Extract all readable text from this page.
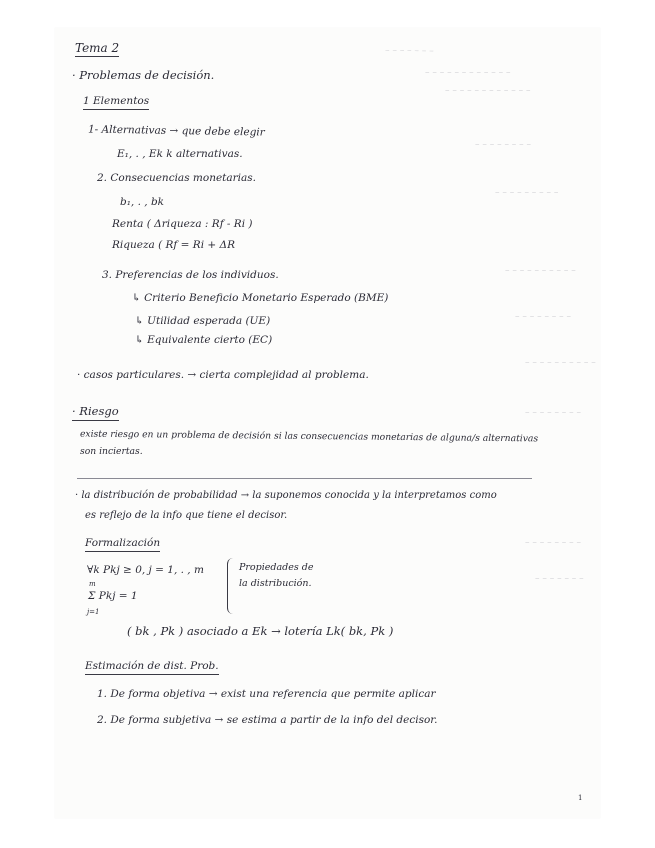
– – – – – – –
– – – – – – – – – – – –
– – – – – – – – – – – –
– – – – – – – –
– – – – – – – – –
– – – – – – – – – –
– – – – – – – –
– – – – – – – – – –
– – – – – – – –
– – – – – – – –
– – – – – – –
Tema 2
· Problemas de decisión.
1 Elementos
1- Alternativas → que debe elegir
E₁, . , Ek k alternativas.
2. Consecuencias monetarias.
b₁, . , bk
Renta ( Δriqueza : Rf - Ri )
Riqueza ( Rf = Ri + ΔR
3. Preferencias de los individuos.
↳ Criterio Beneficio Monetario Esperado (BME)
↳ Utilidad esperada (UE)
↳ Equivalente cierto (EC)
· casos particulares. → cierta complejidad al problema.
· Riesgo
existe riesgo en un problema de decisión si las consecuencias monetarias de alguna/s alternativas
son inciertas.
· la distribución de probabilidad → la suponemos conocida y la interpretamos como
es reflejo de la info que tiene el decisor.
Formalización
∀k Pkj ≥ 0, j = 1, . , m
m
Σ Pkj = 1
j=1
Propiedades de
la distribución.
( bk , Pk ) asociado a Ek → lotería Lk( bk, Pk )
Estimación de dist. Prob.
1. De forma objetiva → exist una referencia que permite aplicar
2. De forma subjetiva → se estima a partir de la info del decisor.
1
